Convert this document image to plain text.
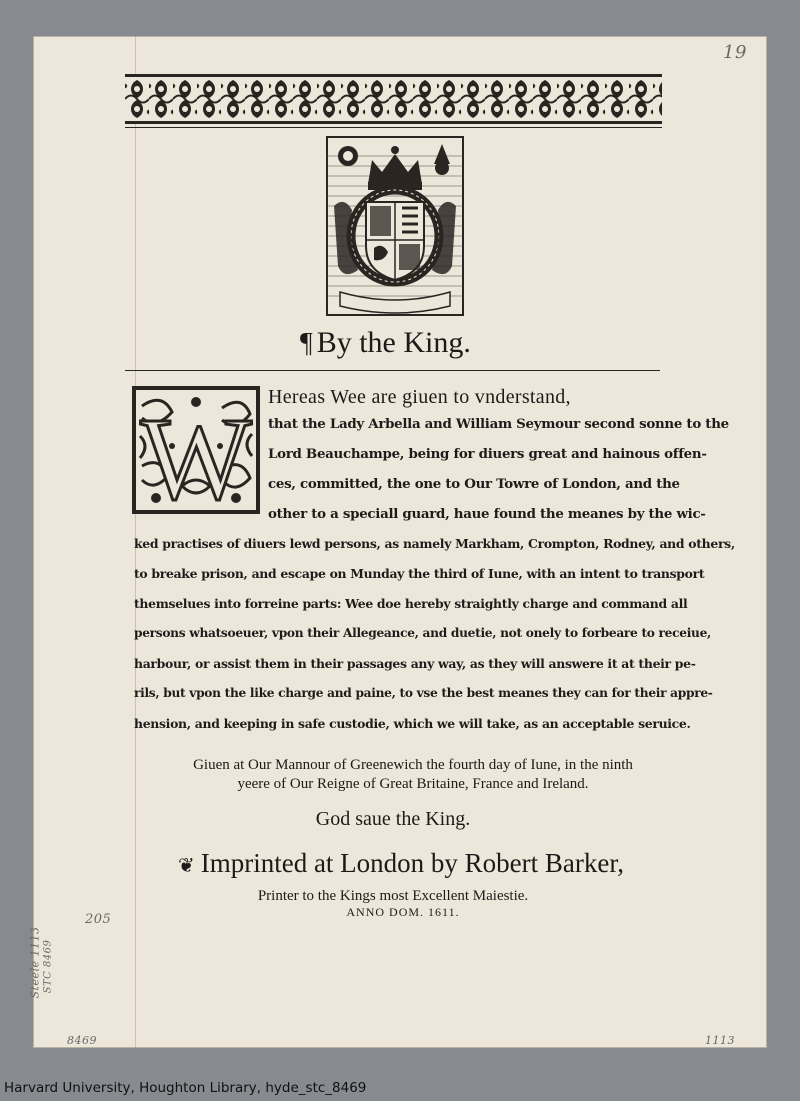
19
¶ By the King.
W Hereas Wee are giuen to vnderstand,
that the Lady Arbella and William Seymour second sonne to the
Lord Beauchampe, being for diuers great and hainous offen-
ces, committed, the one to Our Towre of London, and the
other to a speciall guard, haue found the meanes by the wic-
ked practises of diuers lewd persons, as namely Markham, Crompton, Rodney, and others,
to breake prison, and escape on Munday the third of Iune, with an intent to transport
themselues into forreine parts: Wee doe hereby straightly charge and command all
persons whatsoeuer, vpon their Allegeance, and duetie, not onely to forbeare to receiue,
harbour, or assist them in their passages any way, as they will answere it at their pe-
rils, but vpon the like charge and paine, to vse the best meanes they can for their appre-
hension, and keeping in safe custodie, which we will take, as an acceptable seruice.
Giuen at Our Mannour of Greenewich the fourth day of Iune, in the ninth
yeere of Our Reigne of Great Britaine, France and Ireland.
God saue the King.
❦ Imprinted at London by Robert Barker,
Printer to the Kings most Excellent Maiestie.
ANNO DOM. 1611.
205
Steele 1113 STC 8469
8469	1113
Harvard University, Houghton Library, hyde_stc_8469
